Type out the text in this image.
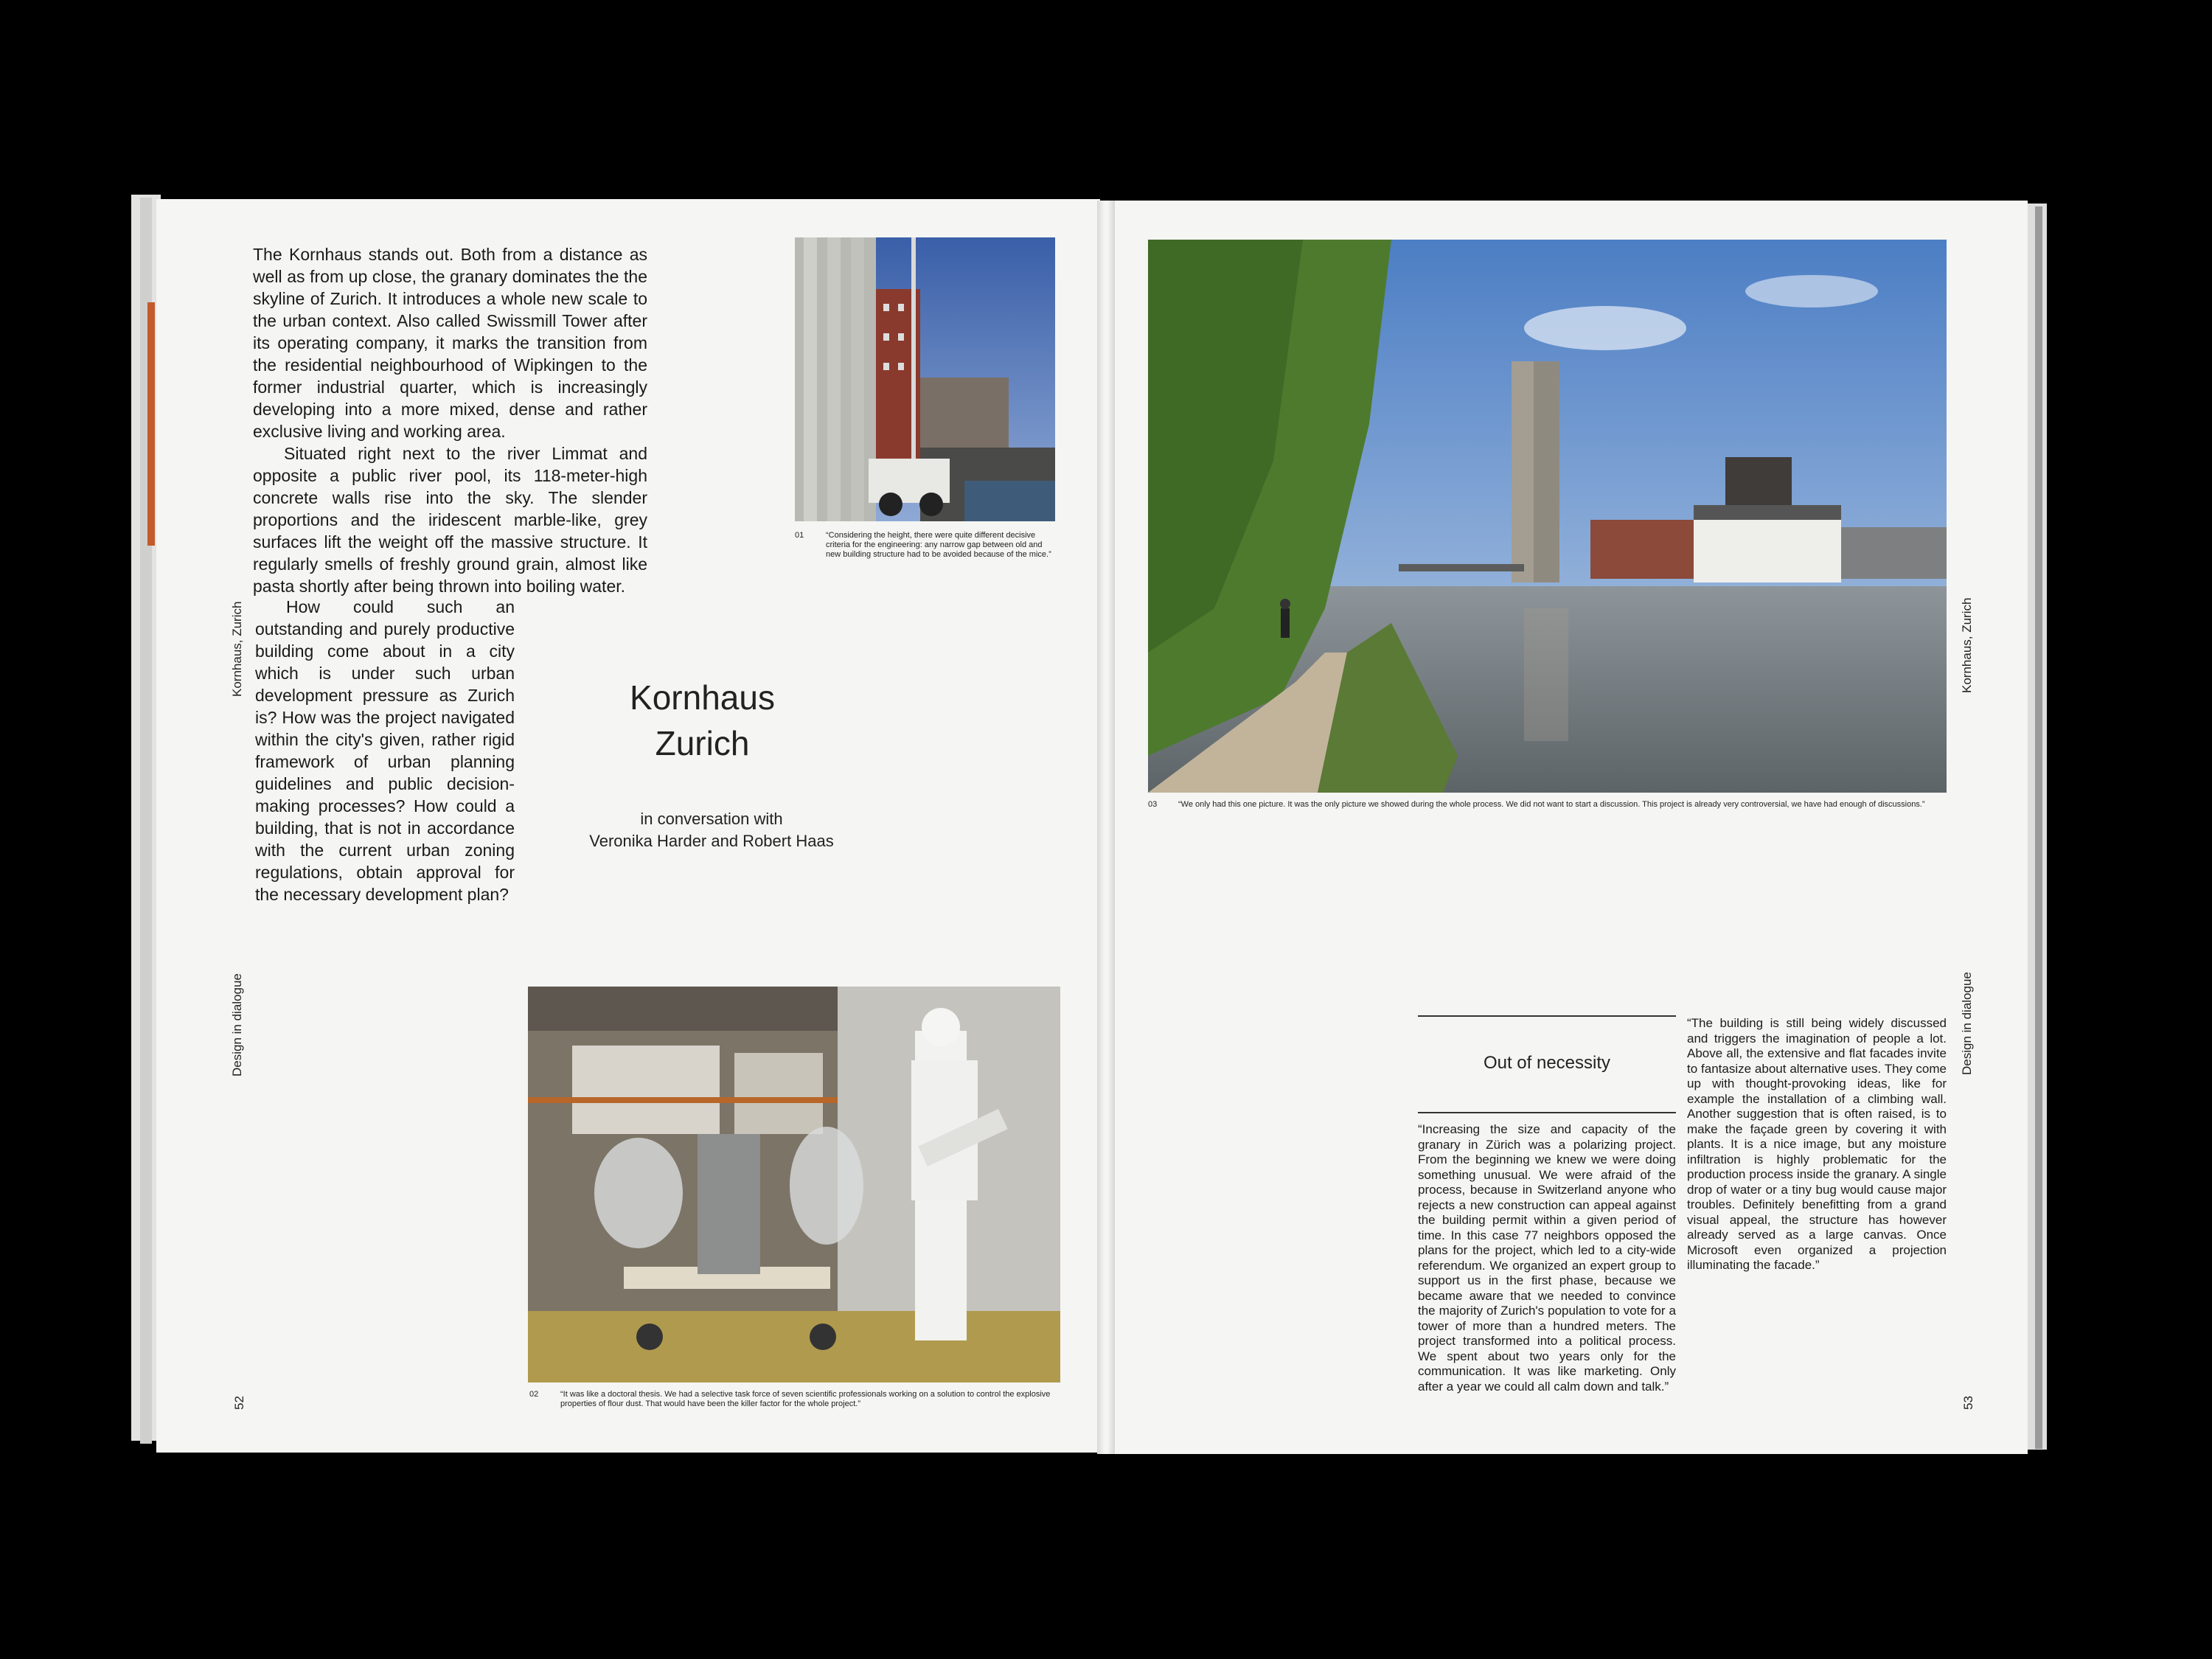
Kornhaus, Zurich
Design in dialogue
52

The Kornhaus stands out. Both from a distance as well as from up close, the granary dominates the the skyline of Zurich. It introduces a whole new scale to the urban context. Also called Swissmill Tower after its operating company, it marks the transition from the residential neighbourhood of Wipkingen to the former industrial quarter, which is increasingly developing into a more mixed, dense and rather exclusive living and working area.

Situated right next to the river Limmat and opposite a public river pool, its 118-meter-high concrete walls rise into the sky. The slender proportions and the iridescent marble-like, grey surfaces lift the weight off the massive structure. It regularly smells of freshly ground grain, almost like pasta shortly after being thrown into boiling water.

How could such an outstanding and purely productive building come about in a city which is under such urban development pressure as Zurich is? How was the project navigated within the city's given, rather rigid framework of urban planning guidelines and public decision-making processes? How could a building, that is not in accordance with the current urban zoning regulations, obtain approval for the necessary development plan?

Kornhaus
Zurich
in conversation with
Veronika Harder and Robert Haas
01	“Considering the height, there were quite different decisive criteria for the engineering: any narrow gap between old and new building structure had to be avoided because of the mice.”
02	“It was like a doctoral thesis. We had a selective task force of seven scientific professionals working on a solution to control the explosive properties of flour dust. That would have been the killer factor for the whole project.”
Kornhaus, Zurich
Design in dialogue
53
03	“We only had this one picture. It was the only picture we showed during the whole process. We did not want to start a discussion. This project is already very controversial, we have had enough of discussions.”
Out of necessity
“Increasing the size and capacity of the granary in Zürich was a polarizing project. From the beginning we knew we were doing something unusual. We were afraid of the process, because in Switzerland anyone who rejects a new construction can appeal against the building permit within a given period of time. In this case 77 neighbors opposed the plans for the project, which led to a city-wide referendum. We organized an expert group to support us in the first phase, because we became aware that we needed to convince the majority of Zurich's population to vote for a tower of more than a hundred meters. The project transformed into a political process. We spent about two years only for the communication. It was like marketing. Only after a year we could all calm down and talk.”
“The building is still being widely discussed and triggers the imagination of people a lot. Above all, the extensive and flat facades invite to fantasize about alternative uses. They come up with thought-provoking ideas, like for example the installation of a climbing wall. Another suggestion that is often raised, is to make the façade green by covering it with plants. It is a nice image, but any moisture infiltration is highly problematic for the production process inside the granary. A single drop of water or a tiny bug would cause major troubles. Definitely benefitting from a grand visual appeal, the structure has however already served as a large canvas. Once Microsoft even organized a projection illuminating the facade.”
